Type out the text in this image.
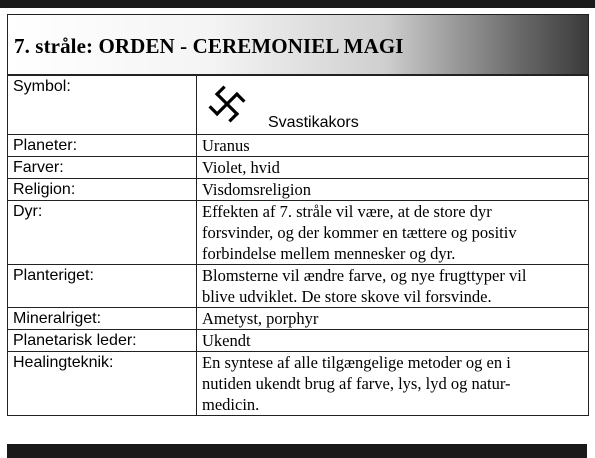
7. stråle: ORDEN - CEREMONIEL MAGI
Symbol:	Svastikakors

Planeter:	Uranus

Farver:	Violet, hvid

Religion:	Visdomsreligion

Dyr:	Effekten af 7. stråle vil være, at de store dyr
forsvinder, og der kommer en tættere og positiv
forbindelse mellem mennesker og dyr.

Planteriget:	Blomsterne vil ændre farve, og nye frugttyper vil
blive udviklet. De store skove vil forsvinde.

Mineralriget:	Ametyst, porphyr

Planetarisk leder:	Ukendt

Healingteknik:	En syntese af alle tilgængelige metoder og en i
nutiden ukendt brug af farve, lys, lyd og natur-
medicin.
